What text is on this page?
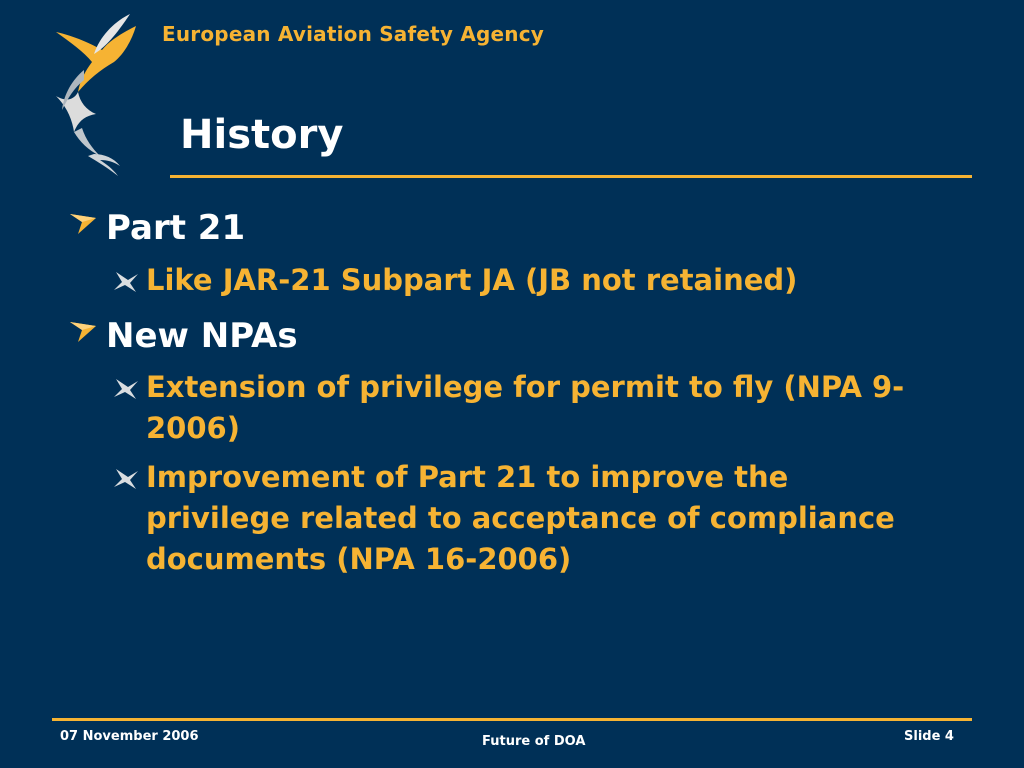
European Aviation Safety Agency
History
Part 21
Like JAR-21 Subpart JA (JB not retained)
New NPAs
Extension of privilege for permit to fly (NPA 9-2006)
Improvement of Part 21 to improve the privilege related to acceptance of compliance documents (NPA 16-2006)
07 November 2006	Future of DOA	Slide 4
